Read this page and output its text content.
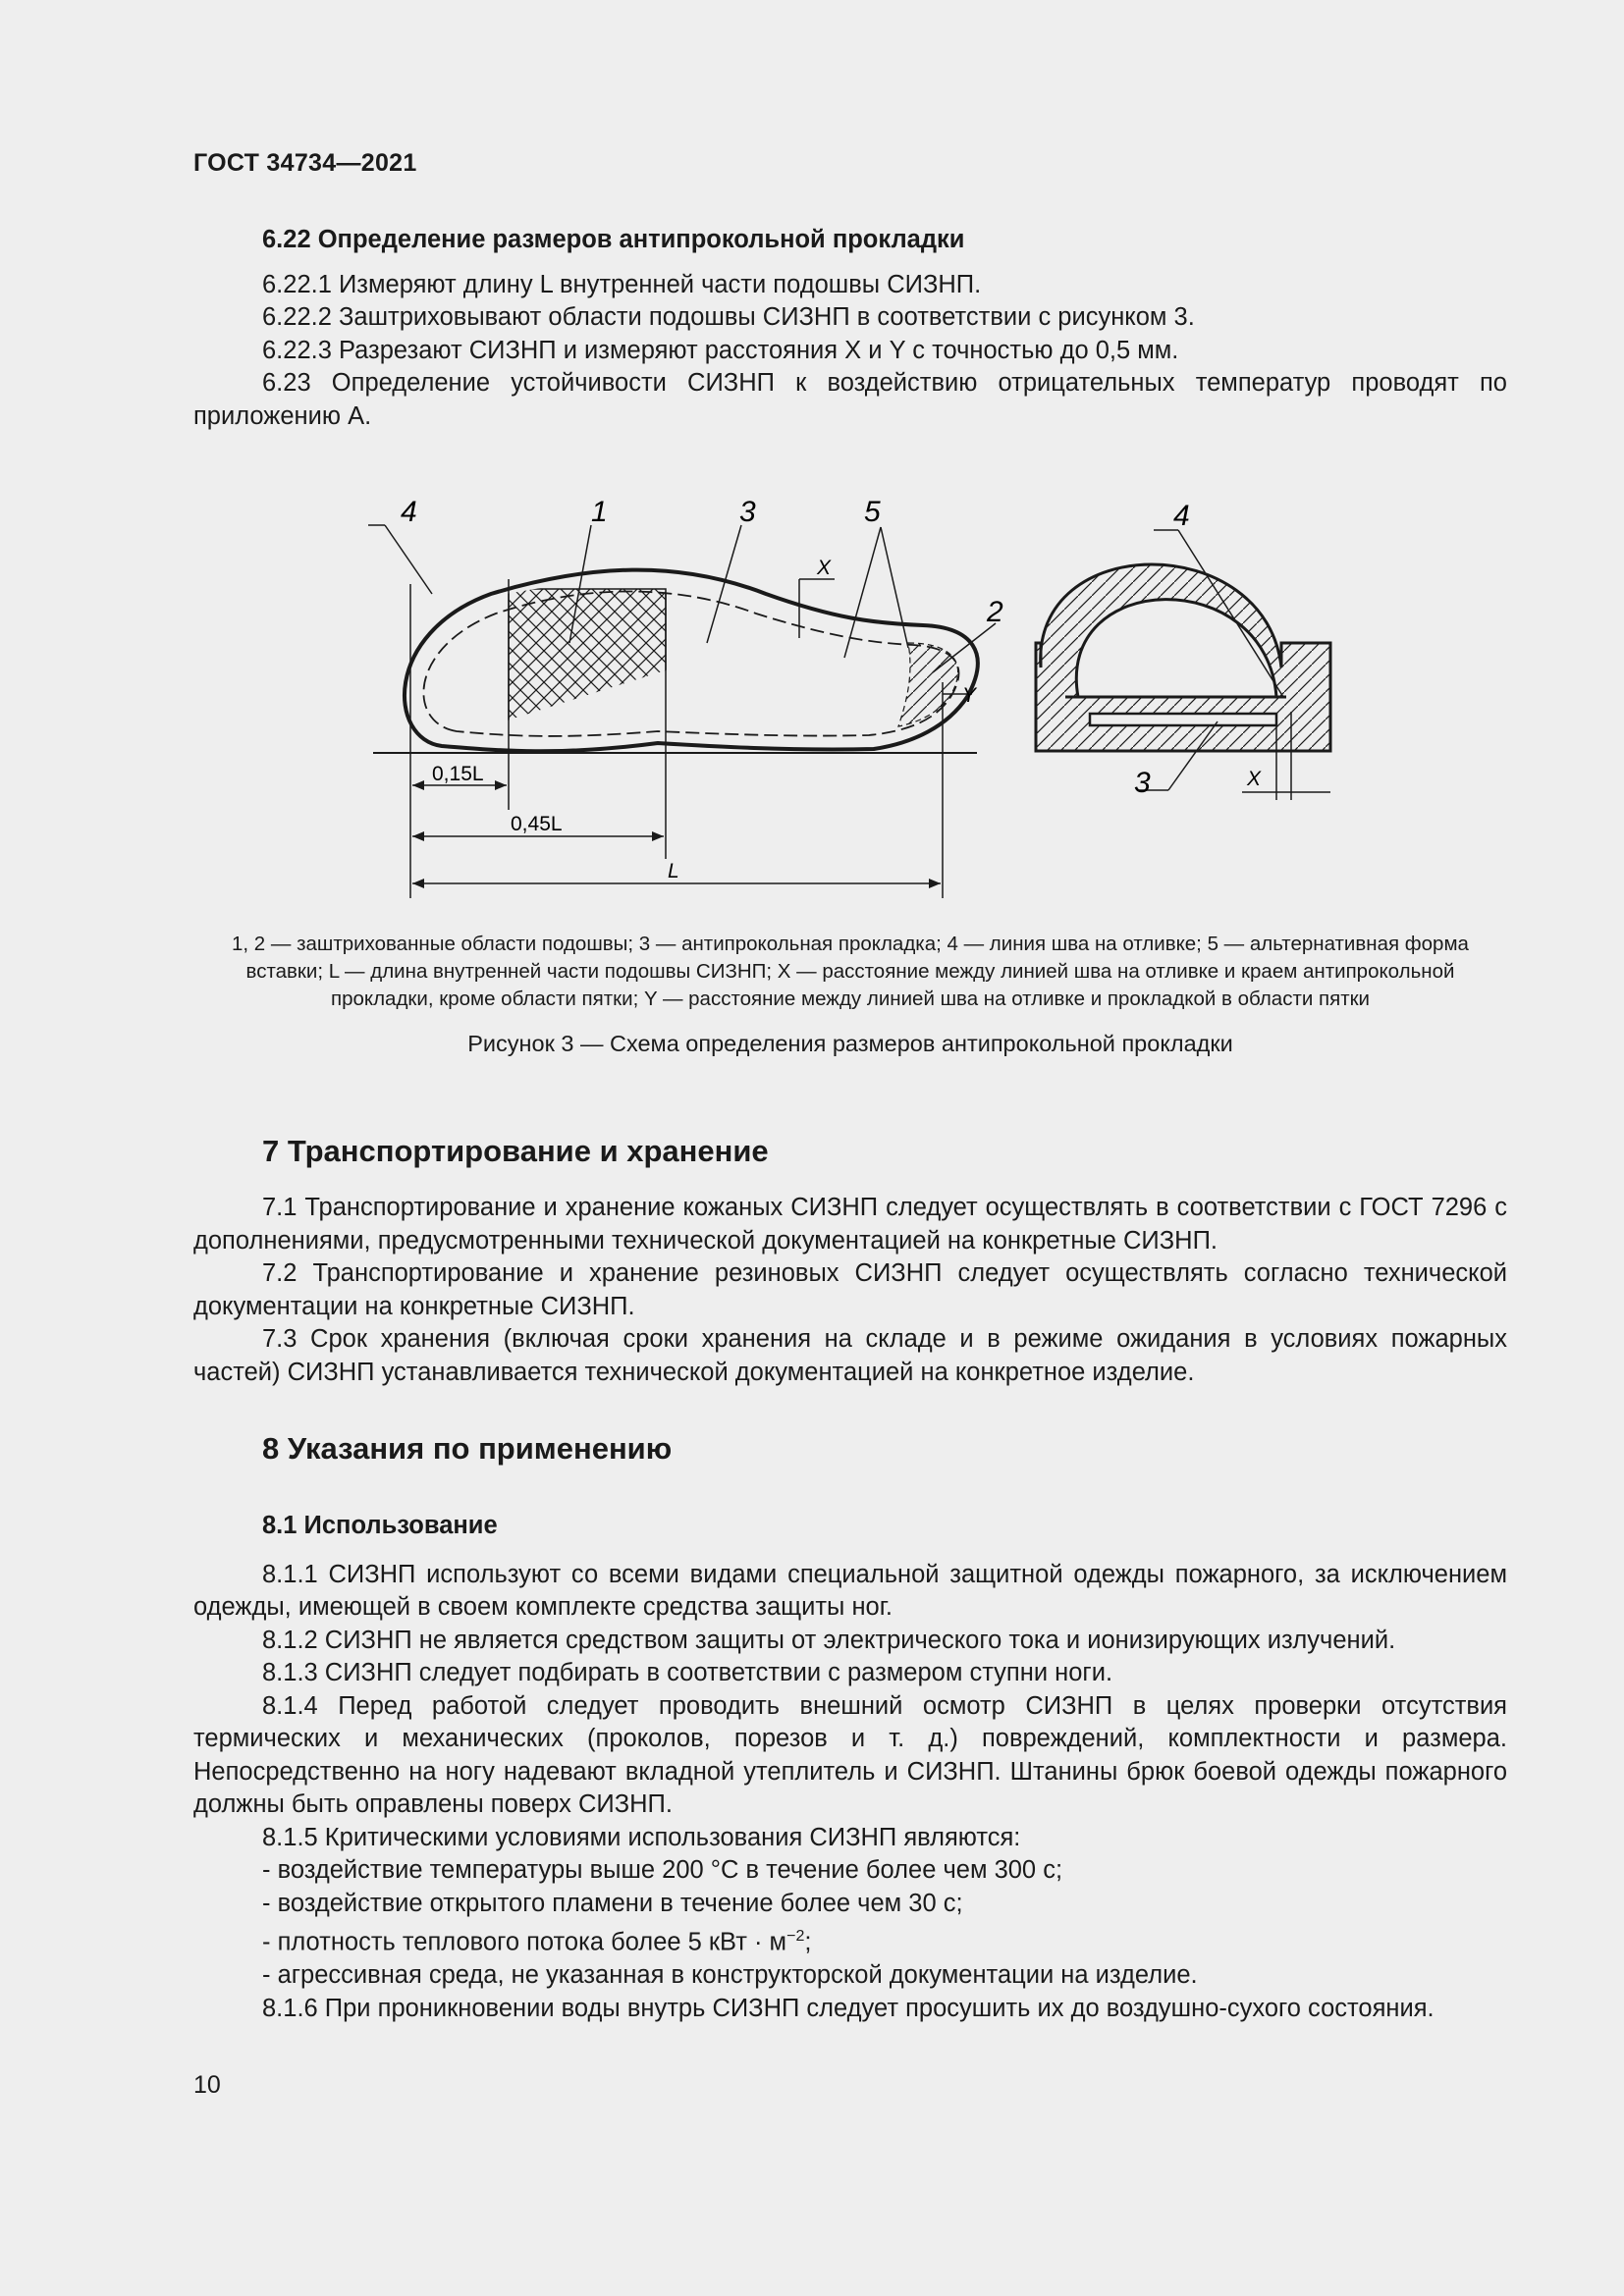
ГОСТ 34734—2021

6.22 Определение размеров антипрокольной прокладки

6.22.1 Измеряют длину L внутренней части подошвы СИЗНП.

6.22.2 Заштриховывают области подошвы СИЗНП в соответствии с рисунком 3.

6.22.3 Разрезают СИЗНП и измеряют расстояния X и Y с точностью до 0,5 мм.

6.23 Определение устойчивости СИЗНП к воздействию отрицательных температур проводят по приложению А.

0,15L
0,45L
L
4	1	3	5
2
X
Y
4
3	X
1, 2 — заштрихованные области подошвы; 3 — антипрокольная прокладка; 4 — линия шва на отливке; 5 — альтернативная форма вставки; L — длина внутренней части подошвы СИЗНП; X — расстояние между линией шва на отливке и краем антипрокольной прокладки, кроме области пятки; Y — расстояние между линией шва на отливке и прокладкой в области пятки
Рисунок 3 — Схема определения размеров антипрокольной прокладки
7 Транспортирование и хранение

7.1 Транспортирование и хранение кожаных СИЗНП следует осуществлять в соответствии с ГОСТ 7296 с дополнениями, предусмотренными технической документацией на конкретные СИЗНП.

7.2 Транспортирование и хранение резиновых СИЗНП следует осуществлять согласно технической документации на конкретные СИЗНП.

7.3 Срок хранения (включая сроки хранения на складе и в режиме ожидания в условиях пожарных частей) СИЗНП устанавливается технической документацией на конкретное изделие.

8 Указания по применению

8.1 Использование

8.1.1 СИЗНП используют со всеми видами специальной защитной одежды пожарного, за исключением одежды, имеющей в своем комплекте средства защиты ног.

8.1.2 СИЗНП не является средством защиты от электрического тока и ионизирующих излучений.

8.1.3 СИЗНП следует подбирать в соответствии с размером ступни ноги.

8.1.4 Перед работой следует проводить внешний осмотр СИЗНП в целях проверки отсутствия термических и механических (проколов, порезов и т. д.) повреждений, комплектности и размера. Непосредственно на ногу надевают вкладной утеплитель и СИЗНП. Штанины брюк боевой одежды пожарного должны быть оправлены поверх СИЗНП.

8.1.5 Критическими условиями использования СИЗНП являются:

- воздействие температуры выше 200 °С в течение более чем 300 с;

- воздействие открытого пламени в течение более чем 30 с;

- плотность теплового потока более 5 кВт · $м^{-2}$;

- агрессивная среда, не указанная в конструкторской документации на изделие.

8.1.6 При проникновении воды внутрь СИЗНП следует просушить их до воздушно-сухого состояния.

10
